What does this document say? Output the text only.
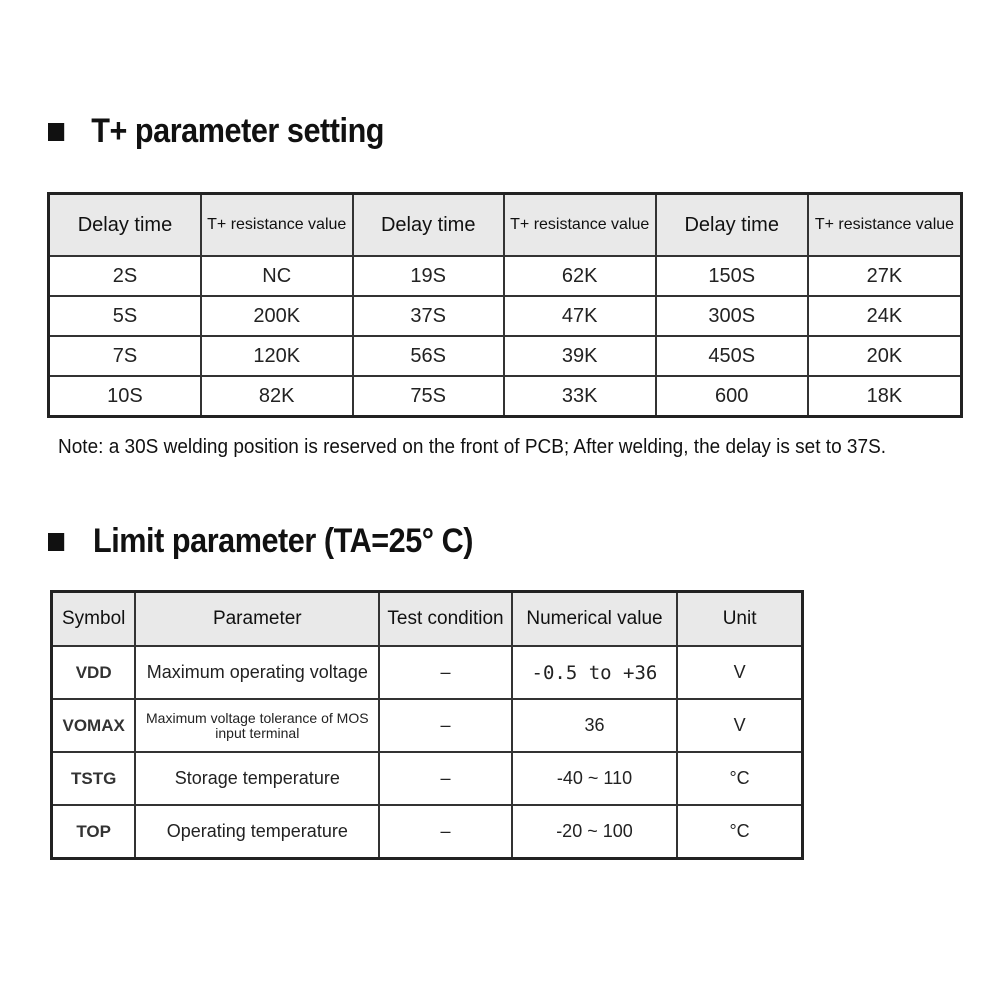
T+ parameter setting
Delay time	T+ resistance value	Delay time	T+ resistance value	Delay time	T+ resistance value
2S	NC	19S	62K	150S	27K
5S	200K	37S	47K	300S	24K
7S	120K	56S	39K	450S	20K
10S	82K	75S	33K	600	18K
Note: a 30S welding position is reserved on the front of PCB; After welding, the delay is set to 37S.
Limit parameter (TA=25° C)
Symbol	Parameter	Test condition	Numerical value	Unit
VDD	Maximum operating voltage	–	-0.5 to +36	V
VOMAX	Maximum voltage tolerance of MOS input terminal	–	36	V
TSTG	Storage temperature	–	-40 ~ 110	°C
TOP	Operating temperature	–	-20 ~ 100	°C
